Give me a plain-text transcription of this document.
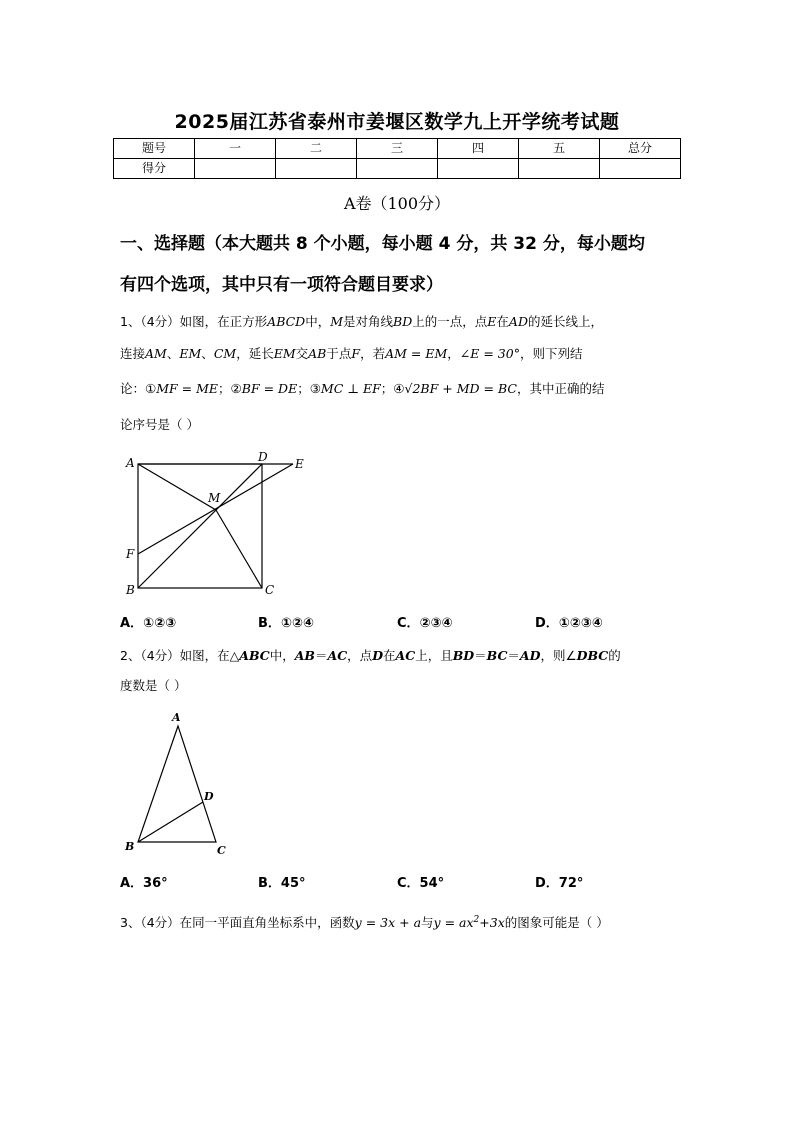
2025届江苏省泰州市姜堰区数学九上开学统考试题
题号	一	二	三	四	五	总分
得分						
A卷（100分）
一、选择题（本大题共 8 个小题，每小题 4 分，共 32 分，每小题均
有四个选项，其中只有一项符合题目要求）
1、（4分）如图，在正方形ABCD中，M是对角线BD上的一点，点E在AD的延长线上，
连接AM、EM、CM，延长EM交AB于点F，若AM = EM，∠E = 30°，则下列结
论：①MF = ME；②BF = DE；③MC ⊥ EF；④√2BF + MD = BC，其中正确的结
论序号是（ ）
A
B	C
D E
M
F
A．①②③	B．①②④	C．②③④	D．①②③④
2、（4分）如图，在△ABC中，AB＝AC，点D在AC上，且BD＝BC＝AD，则∠DBC的
度数是（ ）
A
B	C
D
A．36°	B．45°	C．54°	D．72°
3、（4分）在同一平面直角坐标系中，函数y = 3x + a与$y = ax^2+3x$的图象可能是（ ）
